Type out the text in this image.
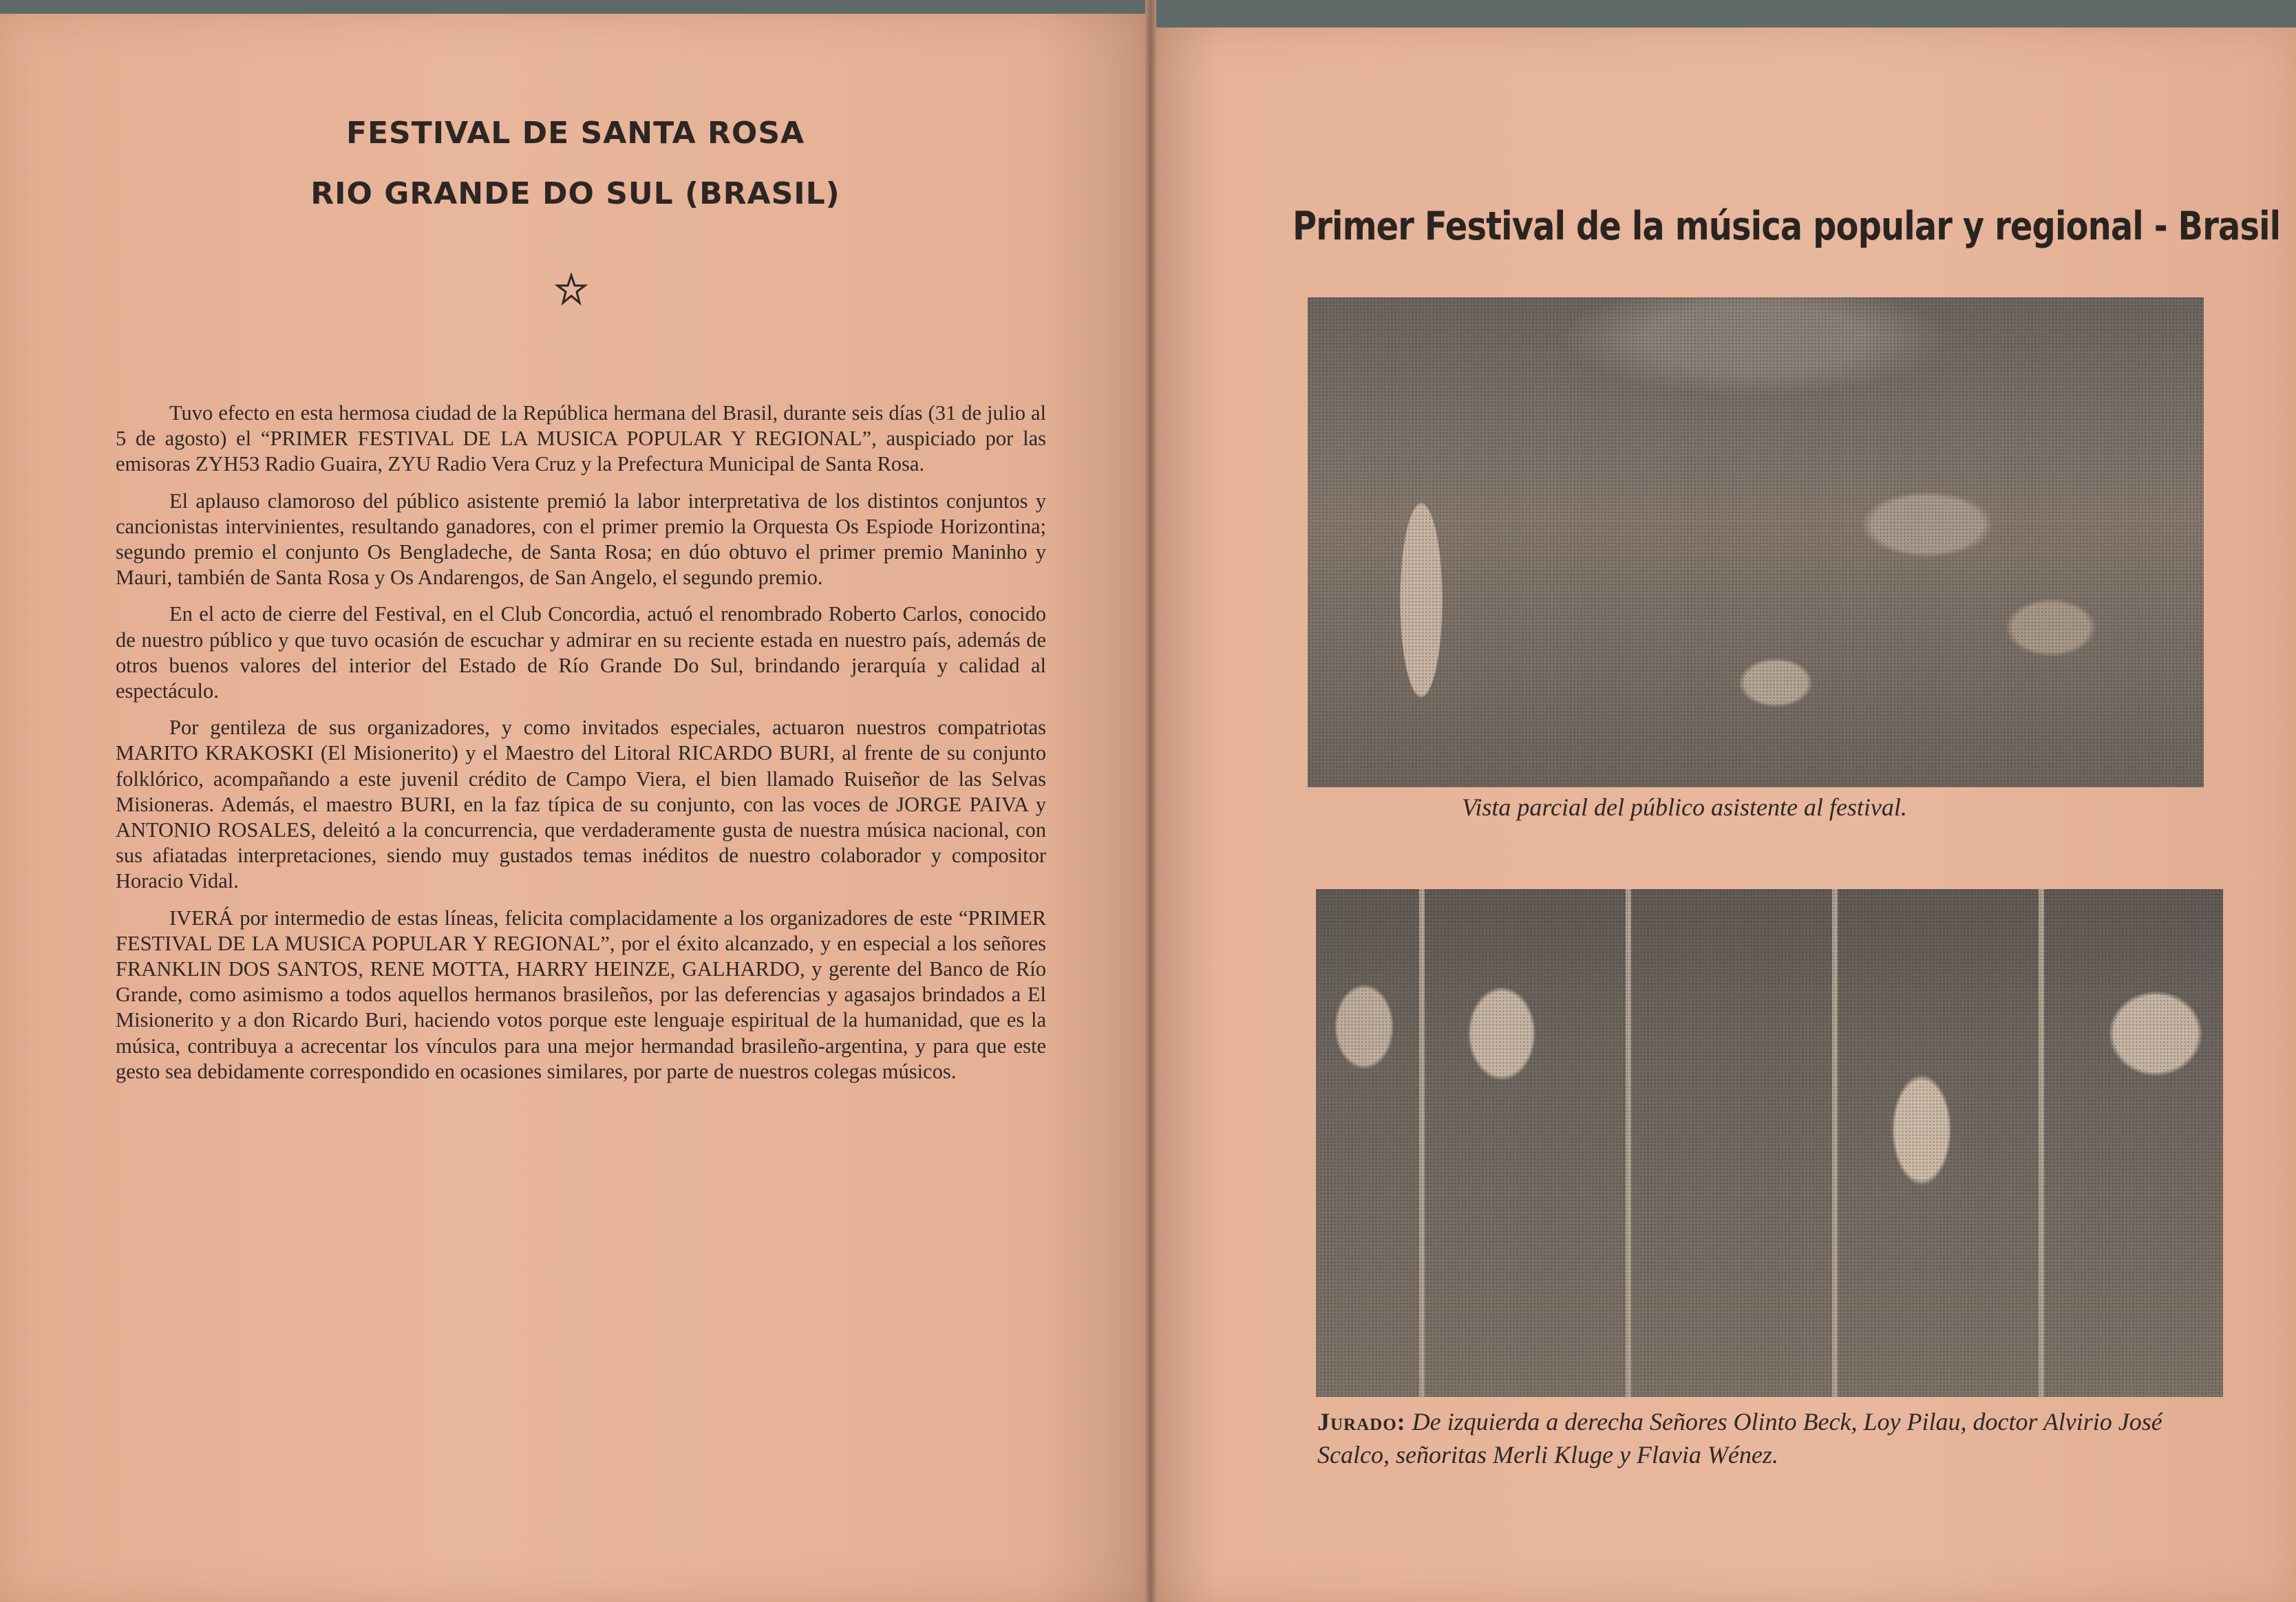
FESTIVAL DE SANTA ROSA
RIO GRANDE DO SUL (BRASIL)

Tuvo efecto en esta hermosa ciudad de la República hermana del Brasil, durante seis días (31 de julio al 5 de agosto) el “PRIMER FESTIVAL DE LA MUSICA POPULAR Y REGIONAL”, auspiciado por las emisoras ZYH53 Radio Guaira, ZYU Radio Vera Cruz y la Prefectura Municipal de Santa Rosa.

El aplauso clamoroso del público asistente premió la labor interpretativa de los distintos conjuntos y cancionistas intervinientes, resultando ganadores, con el primer premio la Orquesta Os Espiode Horizontina; segundo premio el conjunto Os Bengladeche, de Santa Rosa; en dúo obtuvo el primer premio Maninho y Mauri, también de Santa Rosa y Os Andarengos, de San Angelo, el segundo premio.

En el acto de cierre del Festival, en el Club Concordia, actuó el renombrado Roberto Carlos, conocido de nuestro público y que tuvo ocasión de escuchar y admirar en su reciente estada en nuestro país, además de otros buenos valores del interior del Estado de Río Grande Do Sul, brindando jerarquía y calidad al espectáculo.

Por gentileza de sus organizadores, y como invitados especiales, actuaron nuestros compatriotas MARITO KRAKOSKI (El Misionerito) y el Maestro del Litoral RICARDO BURI, al frente de su conjunto folklórico, acompañando a este juvenil crédito de Campo Viera, el bien llamado Ruiseñor de las Selvas Misioneras. Además, el maestro BURI, en la faz típica de su conjunto, con las voces de JORGE PAIVA y ANTONIO ROSALES, deleitó a la concurrencia, que verdaderamente gusta de nuestra música nacional, con sus afiatadas interpretaciones, siendo muy gustados temas inéditos de nuestro colaborador y compositor Horacio Vidal.

IVERÁ por intermedio de estas líneas, felicita complacidamente a los organizadores de este “PRIMER FESTIVAL DE LA MUSICA POPULAR Y REGIONAL”, por el éxito alcanzado, y en especial a los señores FRANKLIN DOS SANTOS, RENE MOTTA, HARRY HEINZE, GALHARDO, y gerente del Banco de Río Grande, como asimismo a todos aquellos hermanos brasileños, por las deferencias y agasajos brindados a El Misionerito y a don Ricardo Buri, haciendo votos porque este lenguaje espiritual de la humanidad, que es la música, contribuya a acrecentar los vínculos para una mejor hermandad brasileño-argentina, y para que este gesto sea debidamente correspondido en ocasiones similares, por parte de nuestros colegas músicos.

Primer Festival de la música popular y regional - Brasil
Vista parcial del público asistente al festival.
Jurado: De izquierda a derecha Señores Olinto Beck, Loy Pilau, doctor Alvirio José Scalco, señoritas Merli Kluge y Flavia Wénez.
